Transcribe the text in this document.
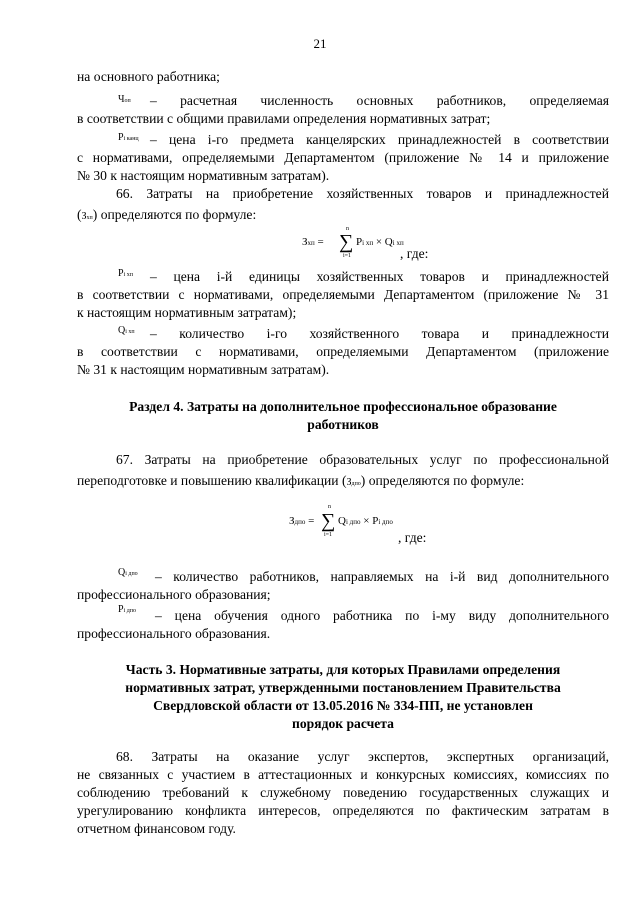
21
на основного работника;
Чоп – расчетная численность основных работников, определяемая
в соответствии с общими правилами определения нормативных затрат;
Pi канц – цена i-го предмета канцелярских принадлежностей в соответствии
с нормативами, определяемыми Департаментом (приложение № 14 и приложение
№ 30 к настоящим нормативным затратам).
66. Затраты на приобретение хозяйственных товаров и принадлежностей
(Зхп) определяются по формуле:
Зхп =
n
∑
i=1
Pi хп × Qi хп
, где:
Pi хп – цена i-й единицы хозяйственных товаров и принадлежностей
в соответствии с нормативами, определяемыми Департаментом (приложение № 31
к настоящим нормативным затратам);
Qi хп – количество i-го хозяйственного товара и принадлежности
в соответствии с нормативами, определяемыми Департаментом (приложение
№ 31 к настоящим нормативным затратам).
Раздел 4. Затраты на дополнительное профессиональное образование
работников
67. Затраты на приобретение образовательных услуг по профессиональной
переподготовке и повышению квалификации (Здпо) определяются по формуле:
Здпо =
n
∑
i=1
Qi дпо × Pi дпо
, где:
Qi дпо – количество работников, направляемых на i-й вид дополнительного
профессионального образования;
Pi дпо – цена обучения одного работника по i-му виду дополнительного
профессионального образования.
Часть 3. Нормативные затраты, для которых Правилами определения
нормативных затрат, утвержденными постановлением Правительства
Свердловской области от 13.05.2016 № 334-ПП, не установлен
порядок расчета
68. Затраты на оказание услуг экспертов, экспертных организаций,
не связанных с участием в аттестационных и конкурсных комиссиях, комиссиях по
соблюдению требований к служебному поведению государственных служащих и
урегулированию конфликта интересов, определяются по фактическим затратам в
отчетном финансовом году.
